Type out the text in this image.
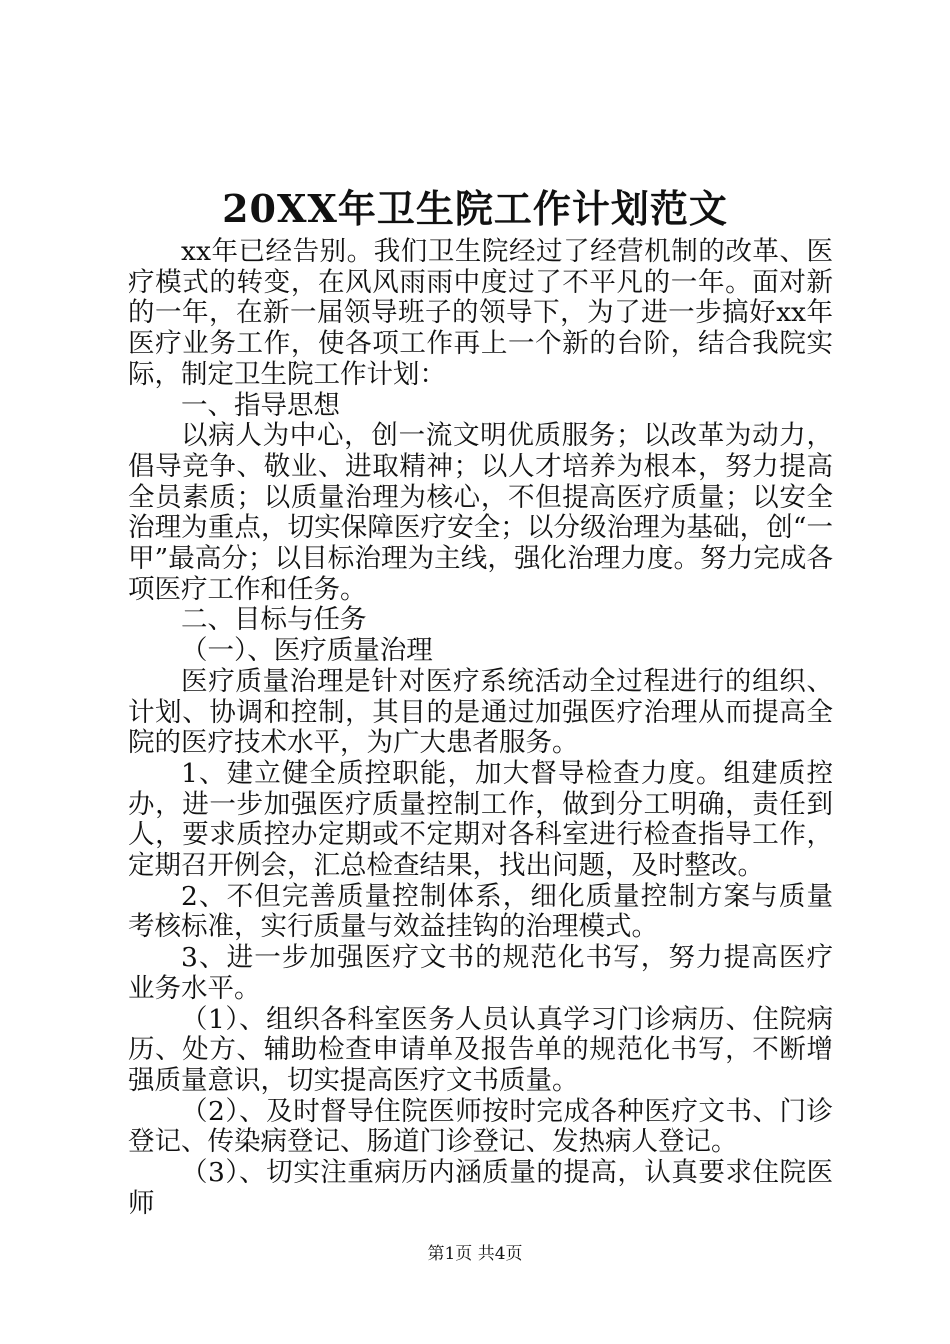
20XX年卫生院工作计划范文

xx年已经告别。我们卫生院经过了经营机制的改革、医疗模式的转变，在风风雨雨中度过了不平凡的一年。面对新的一年，在新一届领导班子的领导下，为了进一步搞好xx年医疗业务工作，使各项工作再上一个新的台阶，结合我院实际，制定卫生院工作计划：

一、指导思想

以病人为中心，创一流文明优质服务；以改革为动力，倡导竞争、敬业、进取精神；以人才培养为根本，努力提高全员素质；以质量治理为核心，不但提高医疗质量；以安全治理为重点，切实保障医疗安全；以分级治理为基础，创“一甲”最高分；以目标治理为主线，强化治理力度。努力完成各项医疗工作和任务。

二、目标与任务

（一）、医疗质量治理

医疗质量治理是针对医疗系统活动全过程进行的组织、计划、协调和控制，其目的是通过加强医疗治理从而提高全院的医疗技术水平，为广大患者服务。

1、建立健全质控职能，加大督导检查力度。组建质控办，进一步加强医疗质量控制工作，做到分工明确，责任到人，要求质控办定期或不定期对各科室进行检查指导工作，定期召开例会，汇总检查结果，找出问题，及时整改。

2、不但完善质量控制体系，细化质量控制方案与质量考核标准，实行质量与效益挂钩的治理模式。

3、进一步加强医疗文书的规范化书写，努力提高医疗业务水平。

（1）、组织各科室医务人员认真学习门诊病历、住院病历、处方、辅助检查申请单及报告单的规范化书写，不断增强质量意识，切实提高医疗文书质量。

（2）、及时督导住院医师按时完成各种医疗文书、门诊登记、传染病登记、肠道门诊登记、发热病人登记。

（3）、切实注重病历内涵质量的提高，认真要求住院医师

第1页 共4页
